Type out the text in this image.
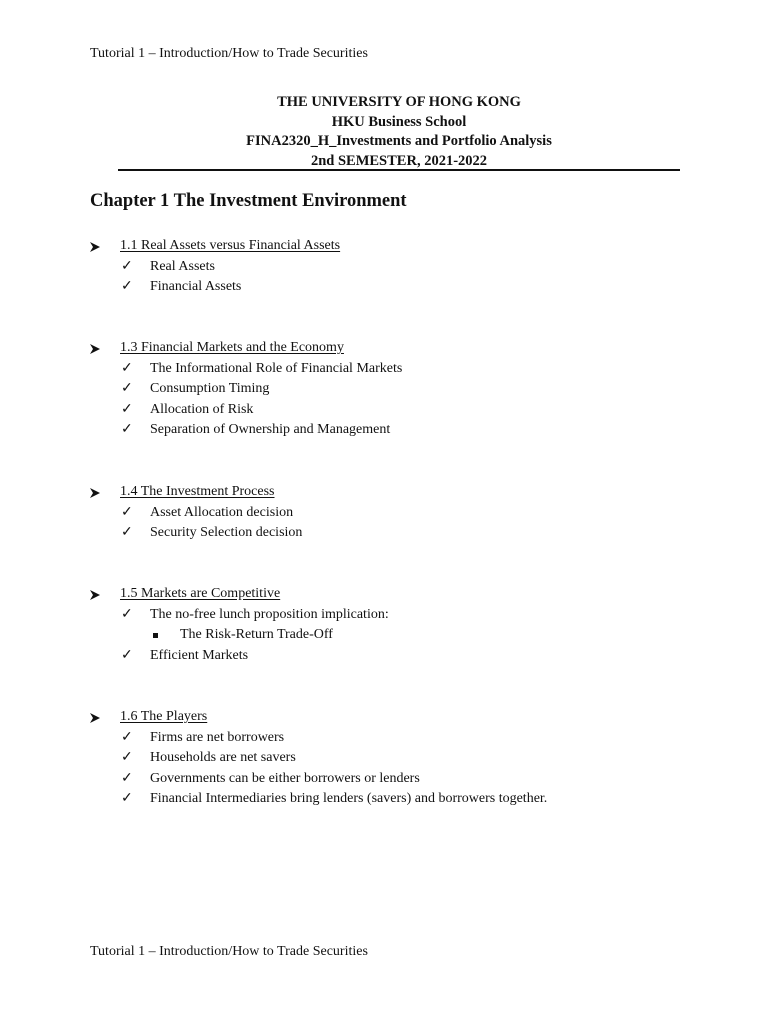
Tutorial 1 – Introduction/How to Trade Securities
THE UNIVERSITY OF HONG KONG
HKU Business School
FINA2320_H_Investments and Portfolio Analysis
2nd SEMESTER, 2021-2022
Chapter 1 The Investment Environment
1.1 Real Assets versus Financial Assets
✓ Real Assets
✓ Financial Assets
1.3 Financial Markets and the Economy
✓ The Informational Role of Financial Markets
✓ Consumption Timing
✓ Allocation of Risk
✓ Separation of Ownership and Management
1.4 The Investment Process
✓ Asset Allocation decision
✓ Security Selection decision
1.5 Markets are Competitive
✓ The no-free lunch proposition implication:
The Risk-Return Trade-Off
✓ Efficient Markets
1.6 The Players
✓ Firms are net borrowers
✓ Households are net savers
✓ Governments can be either borrowers or lenders
✓ Financial Intermediaries bring lenders (savers) and borrowers together.
Tutorial 1 – Introduction/How to Trade Securities
